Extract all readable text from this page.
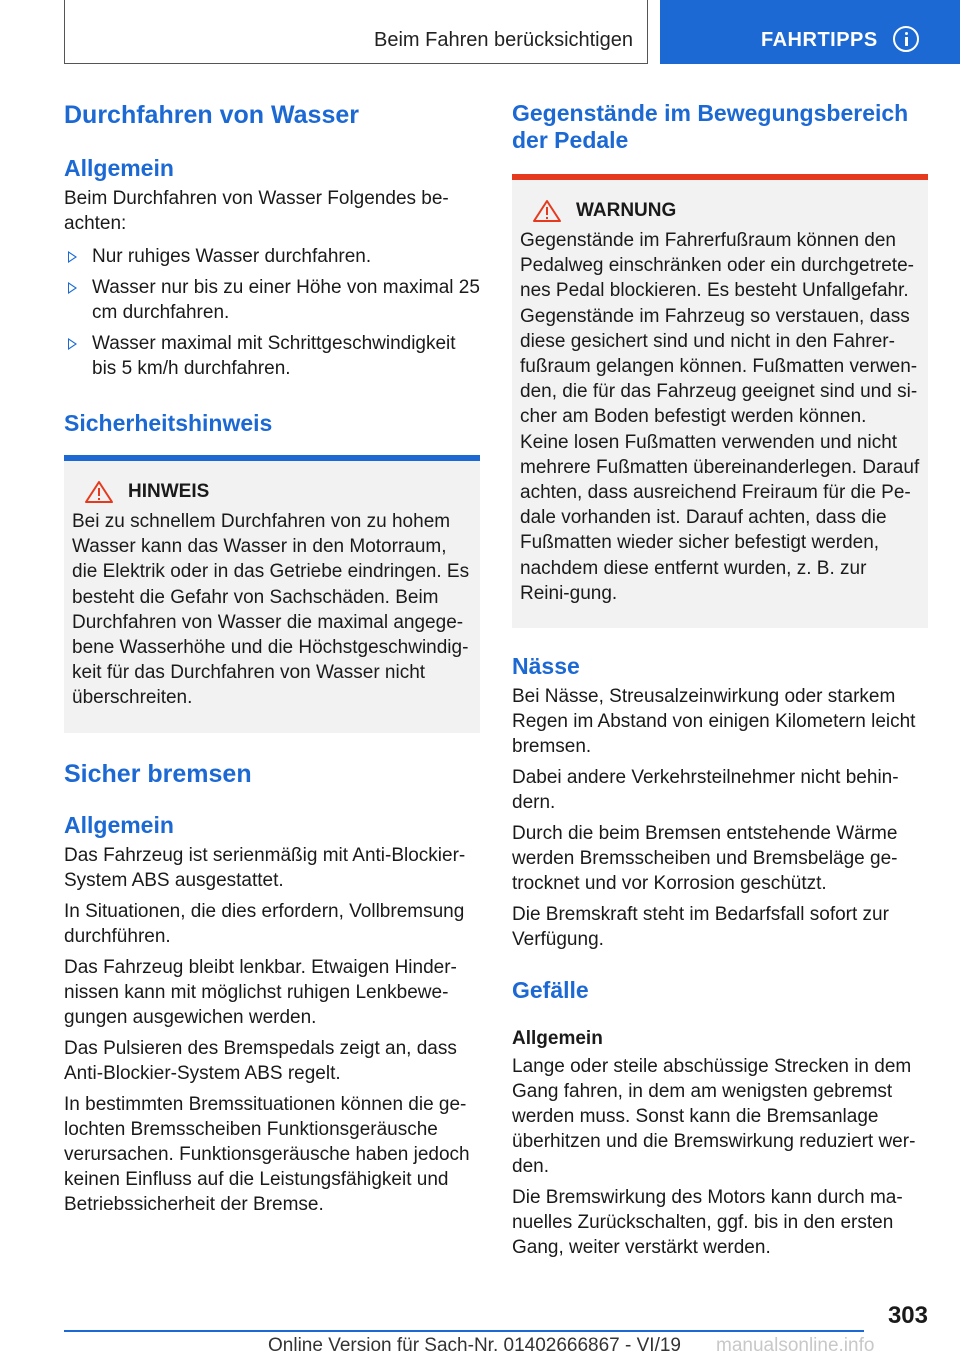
Beim Fahren berücksichtigen	FAHRTIPPS
Durchfahren von Wasser
Allgemein

Beim Durchfahren von Wasser Folgendes be-achten:

Nur ruhiges Wasser durchfahren.
Wasser nur bis zu einer Höhe von maximal 25 cm durchfahren.
Wasser maximal mit Schrittgeschwindigkeit bis 5 km/h durchfahren.
Sicherheitshinweis
HINWEIS

Bei zu schnellem Durchfahren von zu hohem Wasser kann das Wasser in den Motorraum, die Elektrik oder in das Getriebe eindringen. Es besteht die Gefahr von Sachschäden. Beim Durchfahren von Wasser die maximal angege-bene Wasserhöhe und die Höchstgeschwindig-keit für das Durchfahren von Wasser nicht überschreiten.

Sicher bremsen
Allgemein

Das Fahrzeug ist serienmäßig mit Anti-Blockier-System ABS ausgestattet.

In Situationen, die dies erfordern, Vollbremsung durchführen.

Das Fahrzeug bleibt lenkbar. Etwaigen Hinder-nissen kann mit möglichst ruhigen Lenkbewe-gungen ausgewichen werden.

Das Pulsieren des Bremspedals zeigt an, dass Anti-Blockier-System ABS regelt.

In bestimmten Bremssituationen können die ge-lochten Bremsscheiben Funktionsgeräusche verursachen. Funktionsgeräusche haben jedoch keinen Einfluss auf die Leistungsfähigkeit und Betriebssicherheit der Bremse.

Gegenstände im Bewegungsbereich der Pedale
WARNUNG

Gegenstände im Fahrerfußraum können den Pedalweg einschränken oder ein durchgetrete-nes Pedal blockieren. Es besteht Unfallgefahr. Gegenstände im Fahrzeug so verstauen, dass diese gesichert sind und nicht in den Fahrer-fußraum gelangen können. Fußmatten verwen-den, die für das Fahrzeug geeignet sind und si-cher am Boden befestigt werden können. Keine losen Fußmatten verwenden und nicht mehrere Fußmatten übereinanderlegen. Darauf achten, dass ausreichend Freiraum für die Pe-dale vorhanden ist. Darauf achten, dass die Fußmatten wieder sicher befestigt werden, nachdem diese entfernt wurden, z. B. zur Reini-gung.

Nässe

Bei Nässe, Streusalzeinwirkung oder starkem Regen im Abstand von einigen Kilometern leicht bremsen.

Dabei andere Verkehrsteilnehmer nicht behin-dern.

Durch die beim Bremsen entstehende Wärme werden Bremsscheiben und Bremsbeläge ge-trocknet und vor Korrosion geschützt.

Die Bremskraft steht im Bedarfsfall sofort zur Verfügung.

Gefälle
Allgemein

Lange oder steile abschüssige Strecken in dem Gang fahren, in dem am wenigsten gebremst werden muss. Sonst kann die Bremsanlage überhitzen und die Bremswirkung reduziert wer-den.

Die Bremswirkung des Motors kann durch ma-nuelles Zurückschalten, ggf. bis in den ersten Gang, weiter verstärkt werden.

303
Online Version für Sach-Nr. 01402666867 - VI/19 manualsonline.info
